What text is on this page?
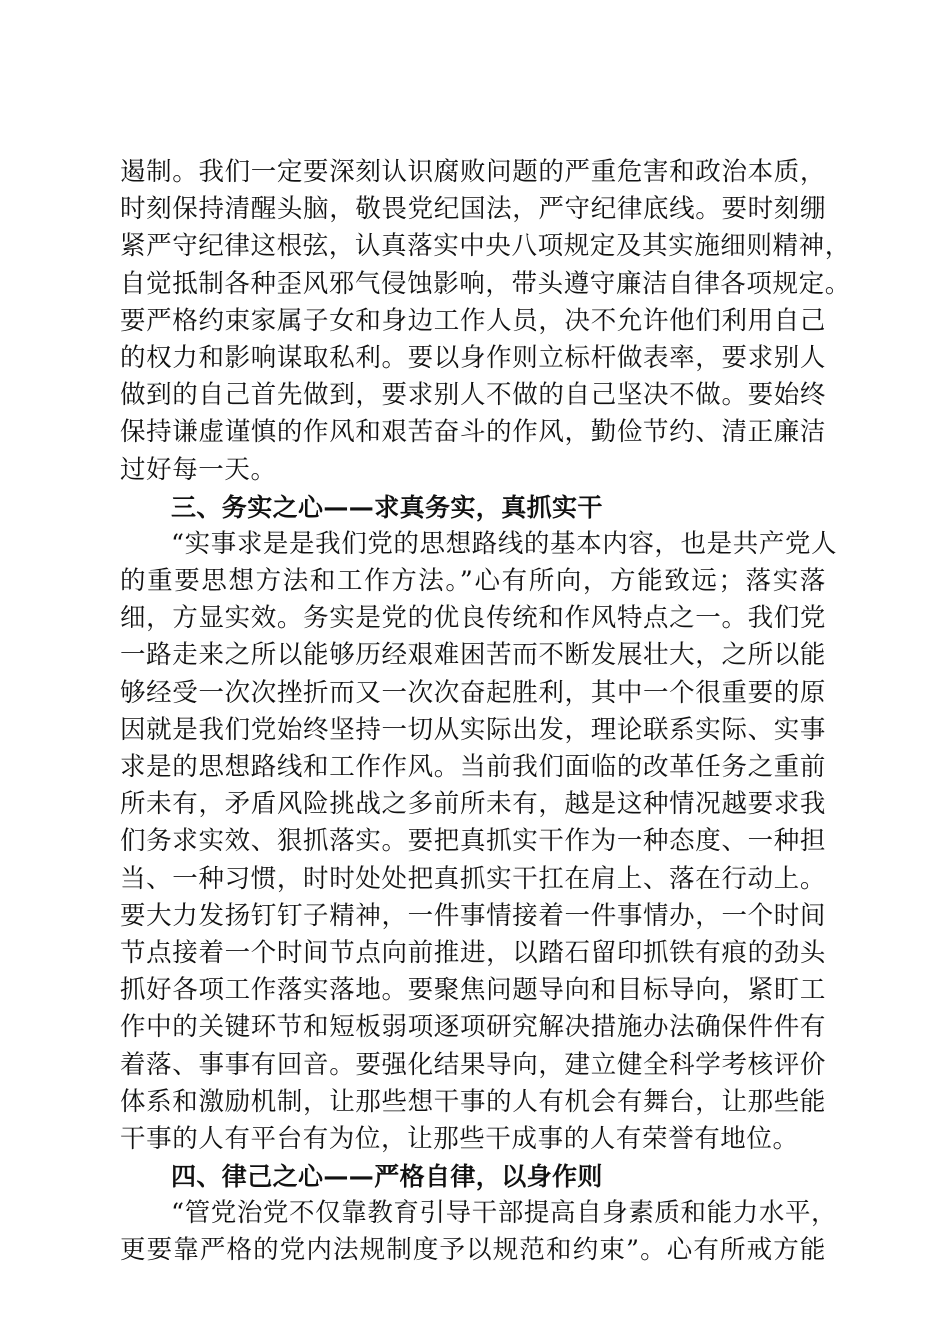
遏制。我们一定要深刻认识腐败问题的严重危害和政治本质，
时刻保持清醒头脑，敬畏党纪国法，严守纪律底线。要时刻绷
紧严守纪律这根弦，认真落实中央八项规定及其实施细则精神，
自觉抵制各种歪风邪气侵蚀影响，带头遵守廉洁自律各项规定。
要严格约束家属子女和身边工作人员，决不允许他们利用自己
的权力和影响谋取私利。要以身作则立标杆做表率，要求别人
做到的自己首先做到，要求别人不做的自己坚决不做。要始终
保持谦虚谨慎的作风和艰苦奋斗的作风，勤俭节约、清正廉洁
过好每一天。
三、务实之心——求真务实，真抓实干
“实事求是是我们党的思想路线的基本内容，也是共产党人
的重要思想方法和工作方法。”心有所向，方能致远；落实落
细，方显实效。务实是党的优良传统和作风特点之一。我们党
一路走来之所以能够历经艰难困苦而不断发展壮大，之所以能
够经受一次次挫折而又一次次奋起胜利，其中一个很重要的原
因就是我们党始终坚持一切从实际出发，理论联系实际、实事
求是的思想路线和工作作风。当前我们面临的改革任务之重前
所未有，矛盾风险挑战之多前所未有，越是这种情况越要求我
们务求实效、狠抓落实。要把真抓实干作为一种态度、一种担
当、一种习惯，时时处处把真抓实干扛在肩上、落在行动上。
要大力发扬钉钉子精神，一件事情接着一件事情办，一个时间
节点接着一个时间节点向前推进，以踏石留印抓铁有痕的劲头
抓好各项工作落实落地。要聚焦问题导向和目标导向，紧盯工
作中的关键环节和短板弱项逐项研究解决措施办法确保件件有
着落、事事有回音。要强化结果导向，建立健全科学考核评价
体系和激励机制，让那些想干事的人有机会有舞台，让那些能
干事的人有平台有为位，让那些干成事的人有荣誉有地位。
四、律己之心——严格自律，以身作则
“管党治党不仅靠教育引导干部提高自身素质和能力水平，
更要靠严格的党内法规制度予以规范和约束”。心有所戒方能
